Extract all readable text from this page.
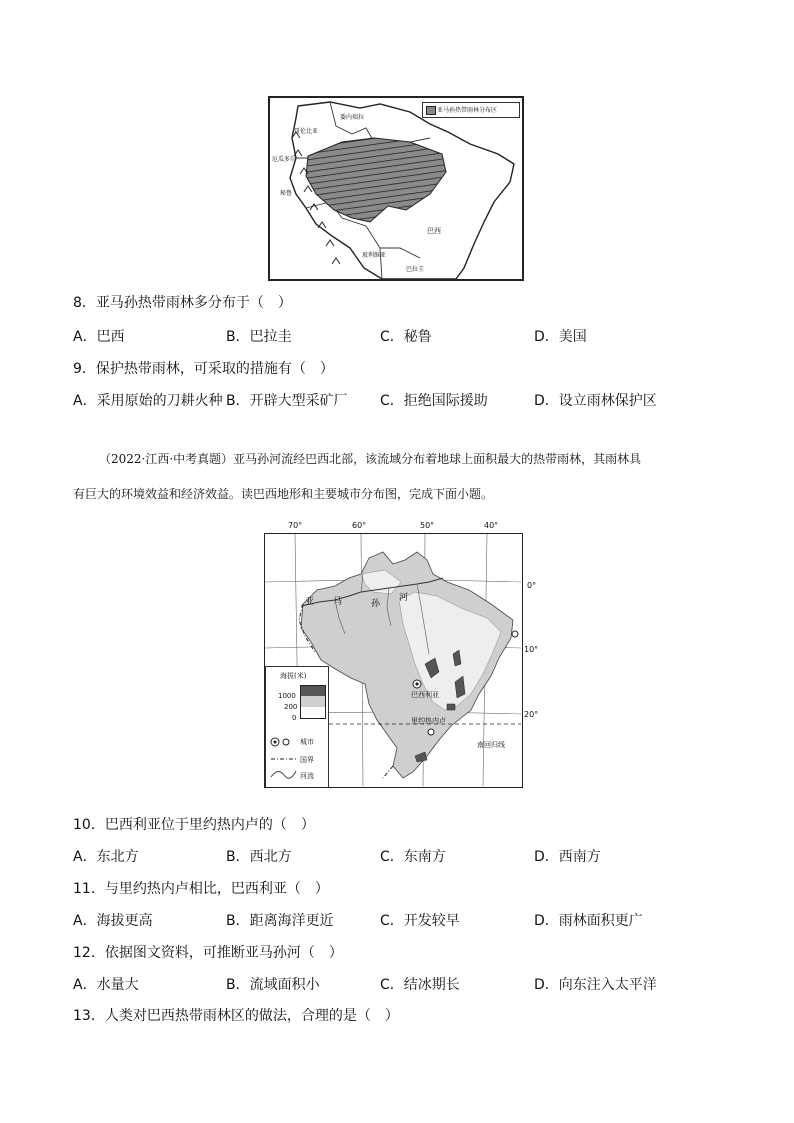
亚马孙热带雨林分布区
巴西
委内瑞拉
哥伦比亚
厄瓜多尔
秘鲁
玻利维亚
巴拉圭
8．亚马孙热带雨林多分布于（　）
A．巴西	B．巴拉圭	C．秘鲁	D．美国
9．保护热带雨林，可采取的措施有（　）
A．采用原始的刀耕火种 B．开辟大型采矿厂 C．拒绝国际援助	D．设立雨林保护区
（2022·江西·中考真题）亚马孙河流经巴西北部，该流域分布着地球上面积最大的热带雨林，其雨林具
有巨大的环境效益和经济效益。读巴西地形和主要城市分布图，完成下面小题。
70°	60°	50°	40°
亚 马	孙
河
巴西利亚
里约热内卢
南回归线
海拔(米)
1000
200
0
城市
国界
河流
0°
10°
20°
10．巴西利亚位于里约热内卢的（　）
A．东北方	B．西北方	C．东南方	D．西南方
11．与里约热内卢相比，巴西利亚（　）
A．海拔更高	B．距离海洋更近	C．开发较早	D．雨林面积更广
12．依据图文资料，可推断亚马孙河（　）
A．水量大	B．流域面积小	C．结冰期长	D．向东注入太平洋
13．人类对巴西热带雨林区的做法，合理的是（　）
